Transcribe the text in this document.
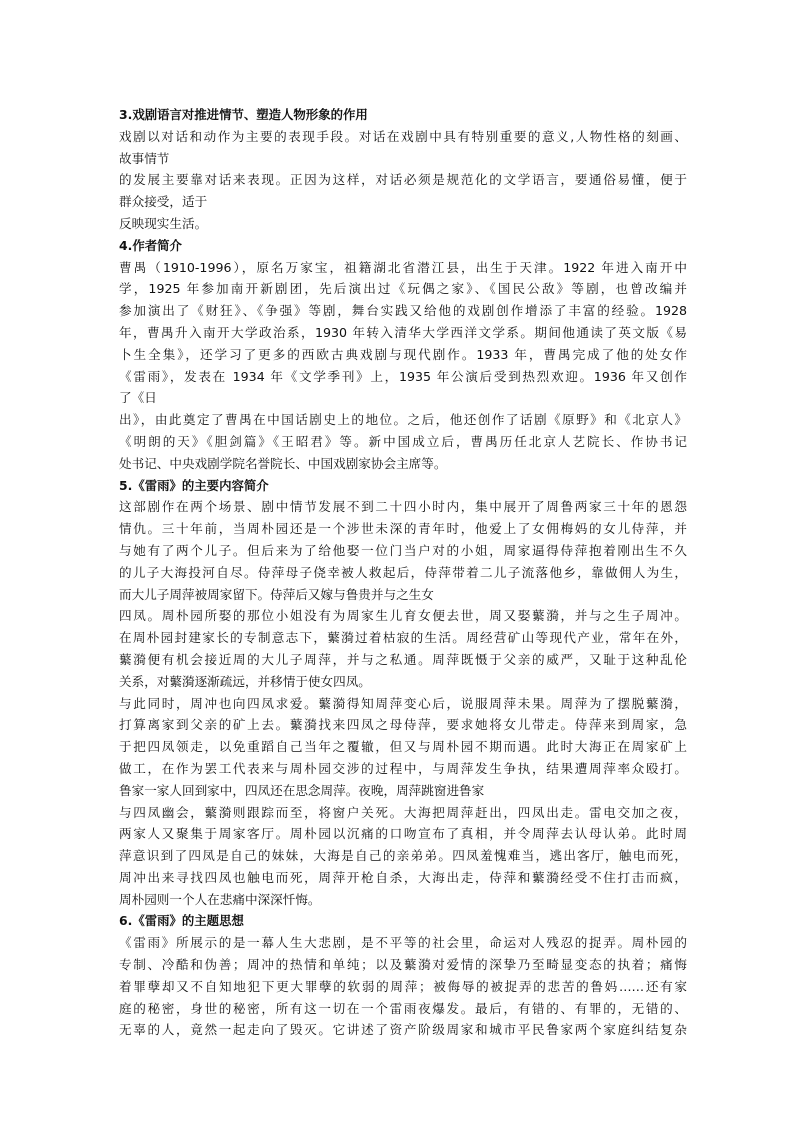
3.戏剧语言对推进情节、塑造人物形象的作用
戏剧以对话和动作为主要的表现手段。对话在戏剧中具有特别重要的意义,人物性格的刻画、
故事情节
的发展主要靠对话来表现。正因为这样，对话必须是规范化的文学语言，要通俗易懂，便于
群众接受，适于
反映现实生活。
4.作者简介
曹禺（1910-1996），原名万家宝，祖籍湖北省潜江县，出生于天津。1922 年进入南开中
学，1925 年参加南开新剧团，先后演出过《玩偶之家》、《国民公敌》等剧，也曾改编并
参加演出了《财狂》、《争强》等剧，舞台实践又给他的戏剧创作增添了丰富的经验。1928
年，曹禺升入南开大学政治系，1930 年转入清华大学西洋文学系。期间他通读了英文版《易
卜生全集》，还学习了更多的西欧古典戏剧与现代剧作。1933 年，曹禺完成了他的处女作
《雷雨》，发表在 1934 年《文学季刊》上，1935 年公演后受到热烈欢迎。1936 年又创作
了《日
出》，由此奠定了曹禺在中国话剧史上的地位。之后，他还创作了话剧《原野》和《北京人》
《明朗的天》《胆剑篇》《王昭君》等。新中国成立后，曹禺历任北京人艺院长、作协书记
处书记、中央戏剧学院名誉院长、中国戏剧家协会主席等。
5.《雷雨》的主要内容简介
这部剧作在两个场景、剧中情节发展不到二十四小时内，集中展开了周鲁两家三十年的恩怨
情仇。三十年前，当周朴园还是一个涉世未深的青年时，他爱上了女佣梅妈的女儿侍萍，并
与她有了两个儿子。但后来为了给他娶一位门当户对的小姐，周家逼得侍萍抱着刚出生不久
的儿子大海投河自尽。侍萍母子侥幸被人救起后，侍萍带着二儿子流落他乡，靠做佣人为生，
而大儿子周萍被周家留下。侍萍后又嫁与鲁贵并与之生女
四凤。周朴园所娶的那位小姐没有为周家生儿育女便去世，周又娶蘩漪，并与之生子周冲。
在周朴园封建家长的专制意志下，蘩漪过着枯寂的生活。周经营矿山等现代产业，常年在外，
蘩漪便有机会接近周的大儿子周萍，并与之私通。周萍既慑于父亲的威严，又耻于这种乱伦
关系，对蘩漪逐渐疏远，并移情于使女四凤。
与此同时，周冲也向四凤求爱。蘩漪得知周萍变心后，说服周萍未果。周萍为了摆脱蘩漪，
打算离家到父亲的矿上去。蘩漪找来四凤之母侍萍，要求她将女儿带走。侍萍来到周家，急
于把四凤领走，以免重蹈自己当年之覆辙，但又与周朴园不期而遇。此时大海正在周家矿上
做工，在作为罢工代表来与周朴园交涉的过程中，与周萍发生争执，结果遭周萍率众殴打。
鲁家一家人回到家中，四凤还在思念周萍。夜晚，周萍跳窗进鲁家
与四凤幽会，蘩漪则跟踪而至，将窗户关死。大海把周萍赶出，四凤出走。雷电交加之夜，
两家人又聚集于周家客厅。周朴园以沉痛的口吻宣布了真相，并令周萍去认母认弟。此时周
萍意识到了四凤是自己的妹妹，大海是自己的亲弟弟。四凤羞愧难当，逃出客厅，触电而死，
周冲出来寻找四凤也触电而死，周萍开枪自杀，大海出走，侍萍和蘩漪经受不住打击而疯，
周朴园则一个人在悲痛中深深忏悔。
6.《雷雨》的主题思想
《雷雨》所展示的是一幕人生大悲剧，是不平等的社会里，命运对人残忍的捉弄。周朴园的
专制、冷酷和伪善；周冲的热情和单纯；以及蘩漪对爱情的深挚乃至畸显变态的执着；痛悔
着罪孽却又不自知地犯下更大罪孽的软弱的周萍；被侮辱的被捉弄的悲苦的鲁妈……还有家
庭的秘密，身世的秘密，所有这一切在一个雷雨夜爆发。最后，有错的、有罪的，无错的、
无辜的人，竟然一起走向了毁灭。它讲述了资产阶级周家和城市平民鲁家两个家庭纠结复杂
